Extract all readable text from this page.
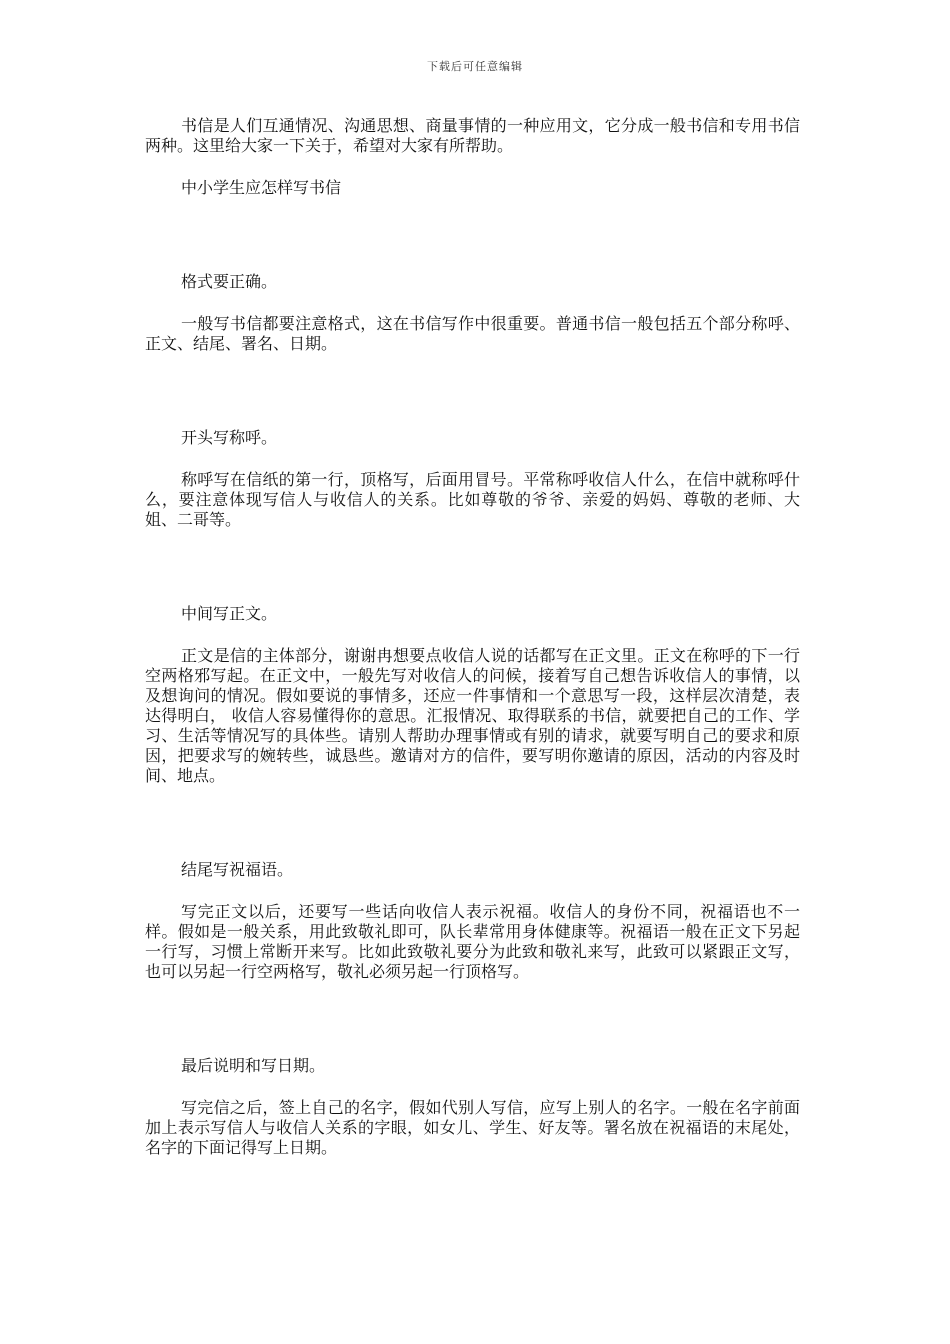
下载后可任意编辑

书信是人们互通情况、沟通思想、商量事情的一种应用文，它分成一般书信和专用书信两种。这里给大家一下关于，希望对大家有所帮助。

中小学生应怎样写书信

格式要正确。

一般写书信都要注意格式，这在书信写作中很重要。普通书信一般包括五个部分称呼、正文、结尾、署名、日期。

开头写称呼。

称呼写在信纸的第一行，顶格写，后面用冒号。平常称呼收信人什么，在信中就称呼什么，要注意体现写信人与收信人的关系。比如尊敬的爷爷、亲爱的妈妈、尊敬的老师、大姐、二哥等。

中间写正文。

正文是信的主体部分，谢谢冉想要点收信人说的话都写在正文里。正文在称呼的下一行空两格邪写起。在正文中，一般先写对收信人的问候，接着写自己想告诉收信人的事情，以及想询问的情况。假如要说的事情多，还应一件事情和一个意思写一段，这样层次清楚，表达得明白， 收信人容易懂得你的意思。汇报情况、取得联系的书信，就要把自己的工作、学习、生活等情况写的具体些。请别人帮助办理事情或有别的请求，就要写明自己的要求和原因，把要求写的婉转些，诚恳些。邀请对方的信件，要写明你邀请的原因，活动的内容及时间、地点。

结尾写祝福语。

写完正文以后，还要写一些话向收信人表示祝福。收信人的身份不同，祝福语也不一样。假如是一般关系，用此致敬礼即可，队长辈常用身体健康等。祝福语一般在正文下另起一行写，习惯上常断开来写。比如此致敬礼要分为此致和敬礼来写，此致可以紧跟正文写，也可以另起一行空两格写，敬礼必须另起一行顶格写。

最后说明和写日期。

写完信之后，签上自己的名字，假如代别人写信，应写上别人的名字。一般在名字前面加上表示写信人与收信人关系的字眼，如女儿、学生、好友等。署名放在祝福语的末尾处，名字的下面记得写上日期。
